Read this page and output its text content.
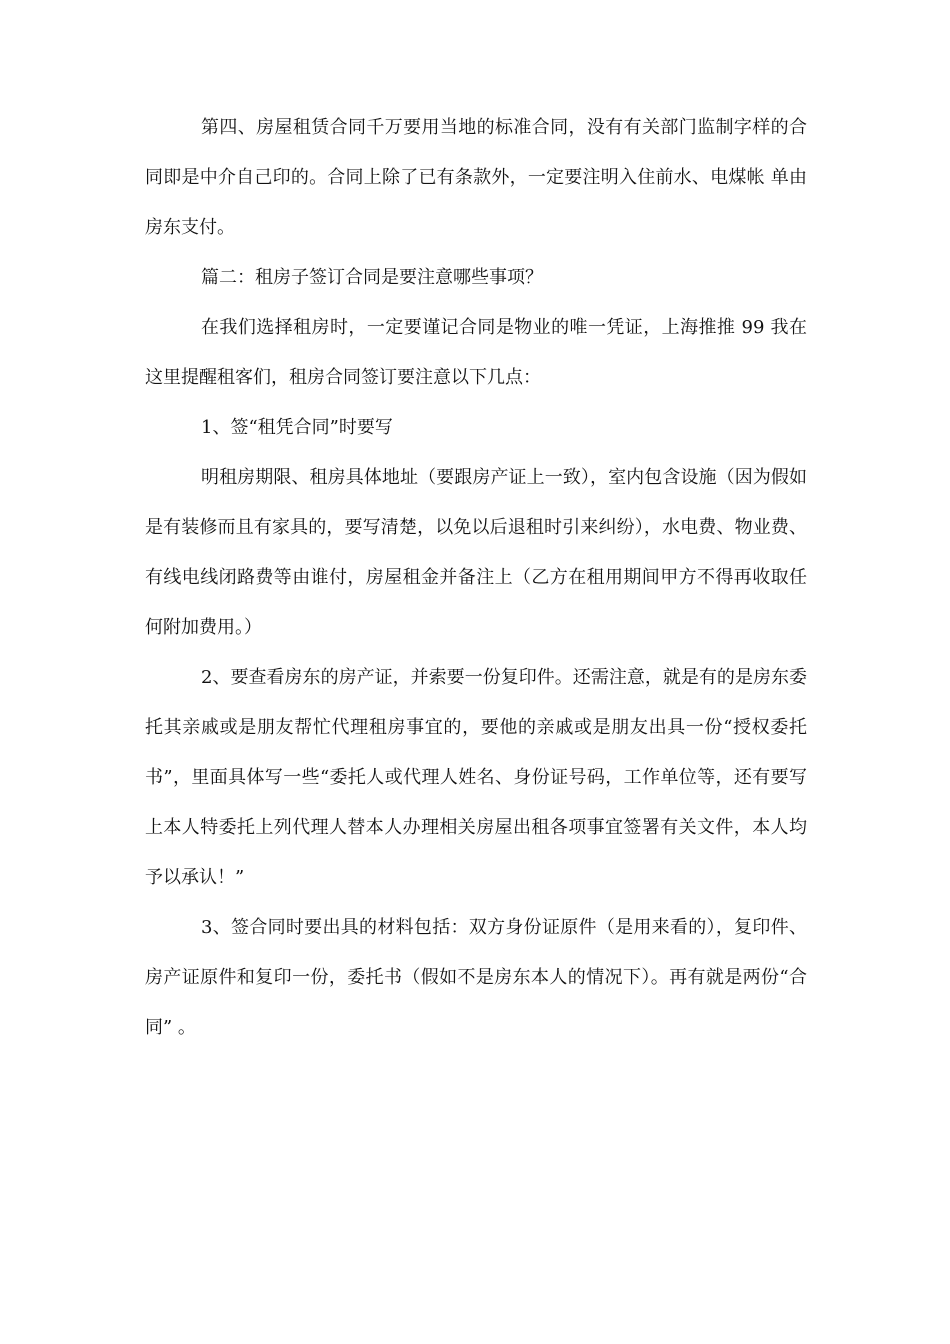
第四、房屋租赁合同千万要用当地的标准合同，没有有关部门监制字样的合同即是中介自己印的。合同上除了已有条款外，一定要注明入住前水、电煤帐 单由房东支付。

篇二：租房子签订合同是要注意哪些事项？

在我们选择租房时，一定要谨记合同是物业的唯一凭证，上海推推 99 我在这里提醒租客们，租房合同签订要注意以下几点：

1、签“租凭合同”时要写

明租房期限、租房具体地址（要跟房产证上一致），室内包含设施（因为假如是有装修而且有家具的，要写清楚，以免以后退租时引来纠纷），水电费、物业费、有线电线闭路费等由谁付，房屋租金并备注上（乙方在租用期间甲方不得再收取任何附加费用。）

2、要查看房东的房产证，并索要一份复印件。还需注意，就是有的是房东委托其亲戚或是朋友帮忙代理租房事宜的，要他的亲戚或是朋友出具一份“授权委托书”，里面具体写一些“委托人或代理人姓名、身份证号码，工作单位等，还有要写上本人特委托上列代理人替本人办理相关房屋出租各项事宜签署有关文件，本人均予以承认！”

3、签合同时要出具的材料包括：双方身份证原件（是用来看的），复印件、房产证原件和复印一份，委托书（假如不是房东本人的情况下）。再有就是两份“合同” 。
